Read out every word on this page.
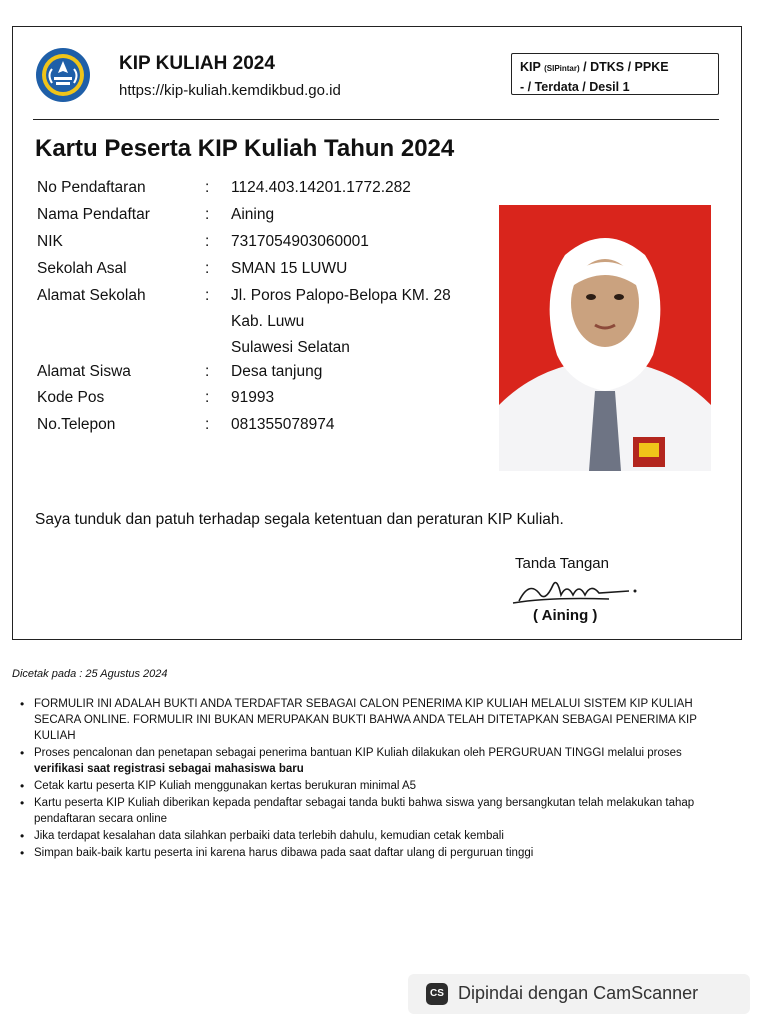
KIP KULIAH 2024
https://kip-kuliah.kemdikbud.go.id
KIP (SIPintar) / DTKS / PPKE
- / Terdata / Desil 1
Kartu Peserta KIP Kuliah Tahun 2024
No Pendaftaran	: 1124.403.14201.1772.282
Nama Pendaftar	: Aining
NIK	: 7317054903060001
Sekolah Asal	: SMAN 15 LUWU
Alamat Sekolah	: Jl. Poros Palopo-Belopa KM. 28
Kab. Luwu
Sulawesi Selatan
Alamat Siswa	: Desa tanjung
Kode Pos	: 91993
No.Telepon	: 081355078974
Saya tunduk dan patuh terhadap segala ketentuan dan peraturan KIP Kuliah.
Tanda Tangan
( Aining )
Dicetak pada : 25 Agustus 2024
• FORMULIR INI ADALAH BUKTI ANDA TERDAFTAR SEBAGAI CALON PENERIMA KIP KULIAH MELALUI SISTEM KIP KULIAH SECARA ONLINE. FORMULIR INI BUKAN MERUPAKAN BUKTI BAHWA ANDA TELAH DITETAPKAN SEBAGAI PENERIMA KIP KULIAH
• Proses pencalonan dan penetapan sebagai penerima bantuan KIP Kuliah dilakukan oleh PERGURUAN TINGGI melalui proses verifikasi saat registrasi sebagai mahasiswa baru
• Cetak kartu peserta KIP Kuliah menggunakan kertas berukuran minimal A5
• Kartu peserta KIP Kuliah diberikan kepada pendaftar sebagai tanda bukti bahwa siswa yang bersangkutan telah melakukan tahap pendaftaran secara online
• Jika terdapat kesalahan data silahkan perbaiki data terlebih dahulu, kemudian cetak kembali
• Simpan baik-baik kartu peserta ini karena harus dibawa pada saat daftar ulang di perguruan tinggi
CS Dipindai dengan CamScanner
